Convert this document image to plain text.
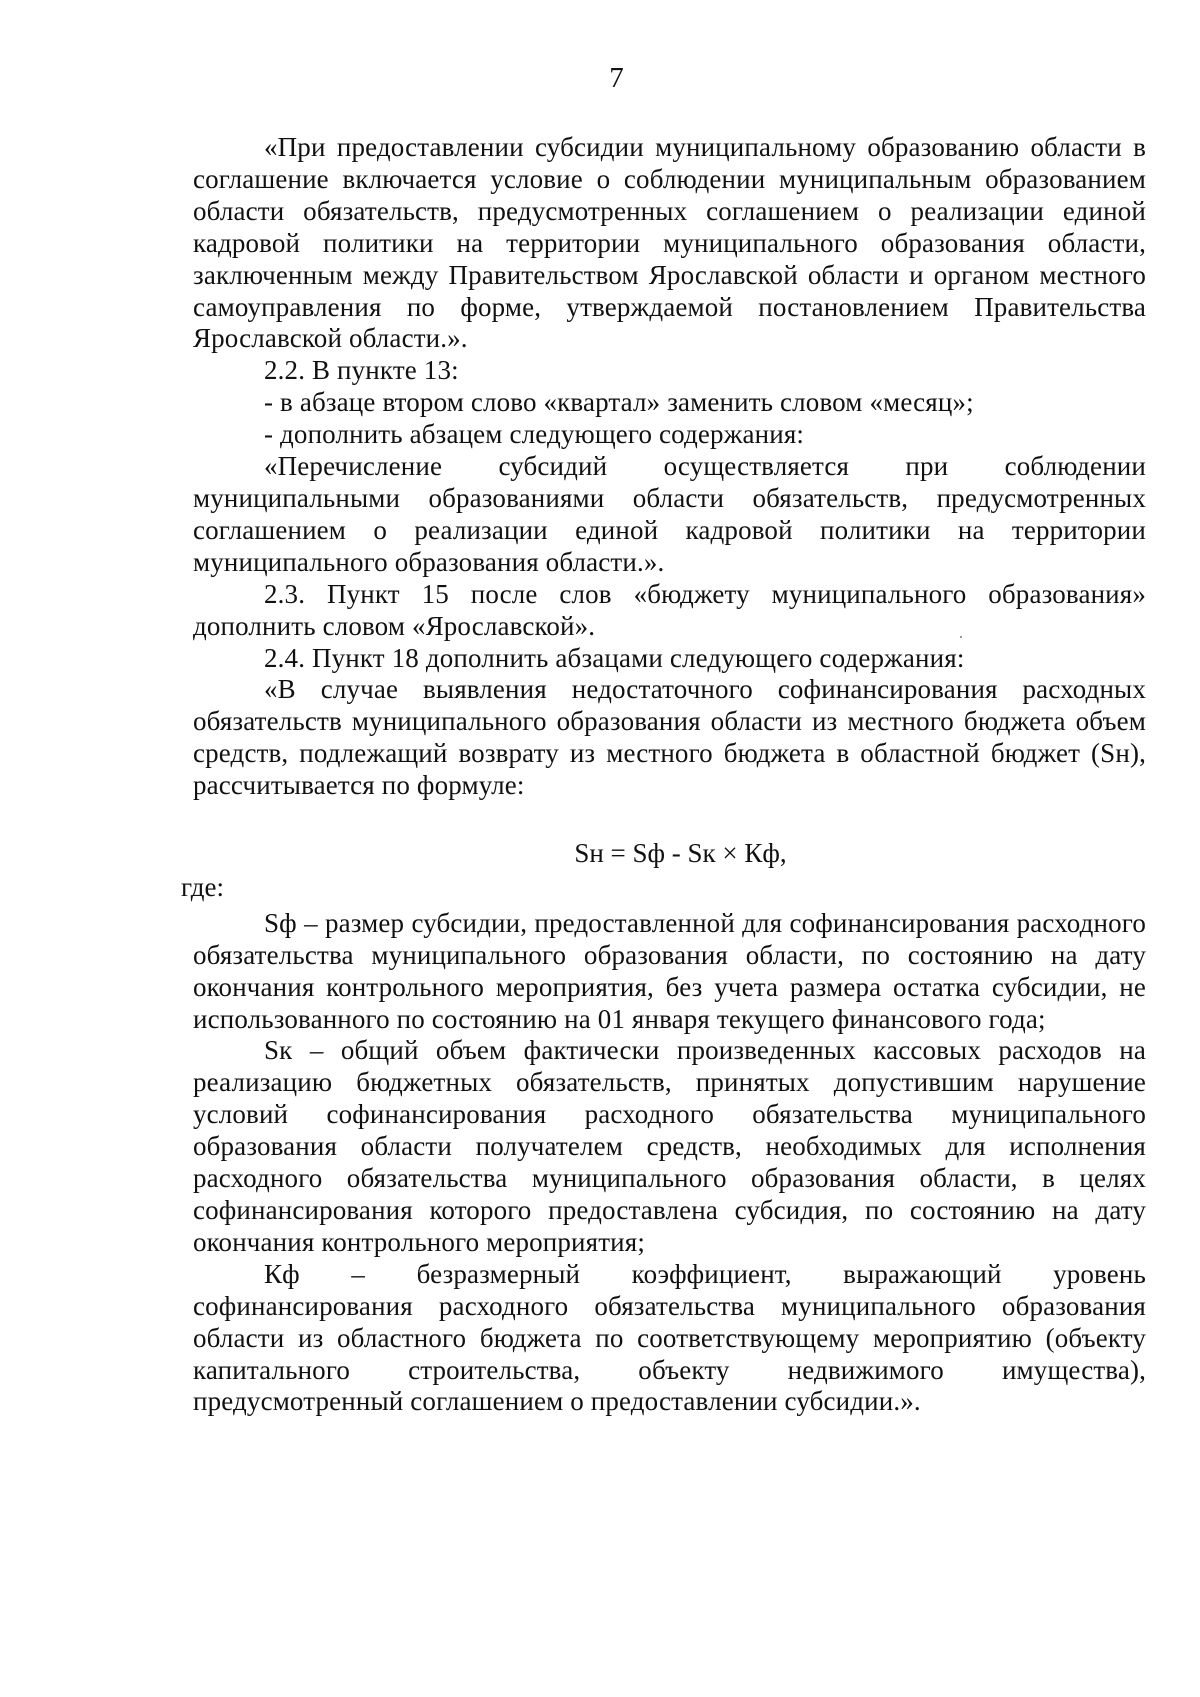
7

«При предоставлении субсидии муниципальному образованию области в соглашение включается условие о соблюдении муниципальным образованием области обязательств, предусмотренных соглашением о реализации единой кадровой политики на территории муниципального образования области, заключенным между Правительством Ярославской области и органом местного самоуправления по форме, утверждаемой постановлением Правительства Ярославской области.».

2.2. В пункте 13:

- в абзаце втором слово «квартал» заменить словом «месяц»;

- дополнить абзацем следующего содержания:

«Перечисление субсидий осуществляется при соблюдении муниципальными образованиями области обязательств, предусмотренных соглашением о реализации единой кадровой политики на территории муниципального образования области.».

2.3. Пункт 15 после слов «бюджету муниципального образования» дополнить словом «Ярославской».

2.4. Пункт 18 дополнить абзацами следующего содержания:

«В случае выявления недостаточного софинансирования расходных обязательств муниципального образования области из местного бюджета объем средств, подлежащий возврату из местного бюджета в областной бюджет (Sн), рассчитывается по формуле:

Sн = Sф - Sк × Кф,

где:

Sф – размер субсидии, предоставленной для софинансирования расходного обязательства муниципального образования области, по состоянию на дату окончания контрольного мероприятия, без учета размера остатка субсидии, не использованного по состоянию на 01 января текущего финансового года;

Sк – общий объем фактически произведенных кассовых расходов на реализацию бюджетных обязательств, принятых допустившим нарушение условий софинансирования расходного обязательства муниципального образования области получателем средств, необходимых для исполнения расходного обязательства муниципального образования области, в целях софинансирования которого предоставлена субсидия, по состоянию на дату окончания контрольного мероприятия;

Кф – безразмерный коэффициент, выражающий уровень софинансирования расходного обязательства муниципального образования области из областного бюджета по соответствующему мероприятию (объекту капитального строительства, объекту недвижимого имущества), предусмотренный соглашением о предоставлении субсидии.».
